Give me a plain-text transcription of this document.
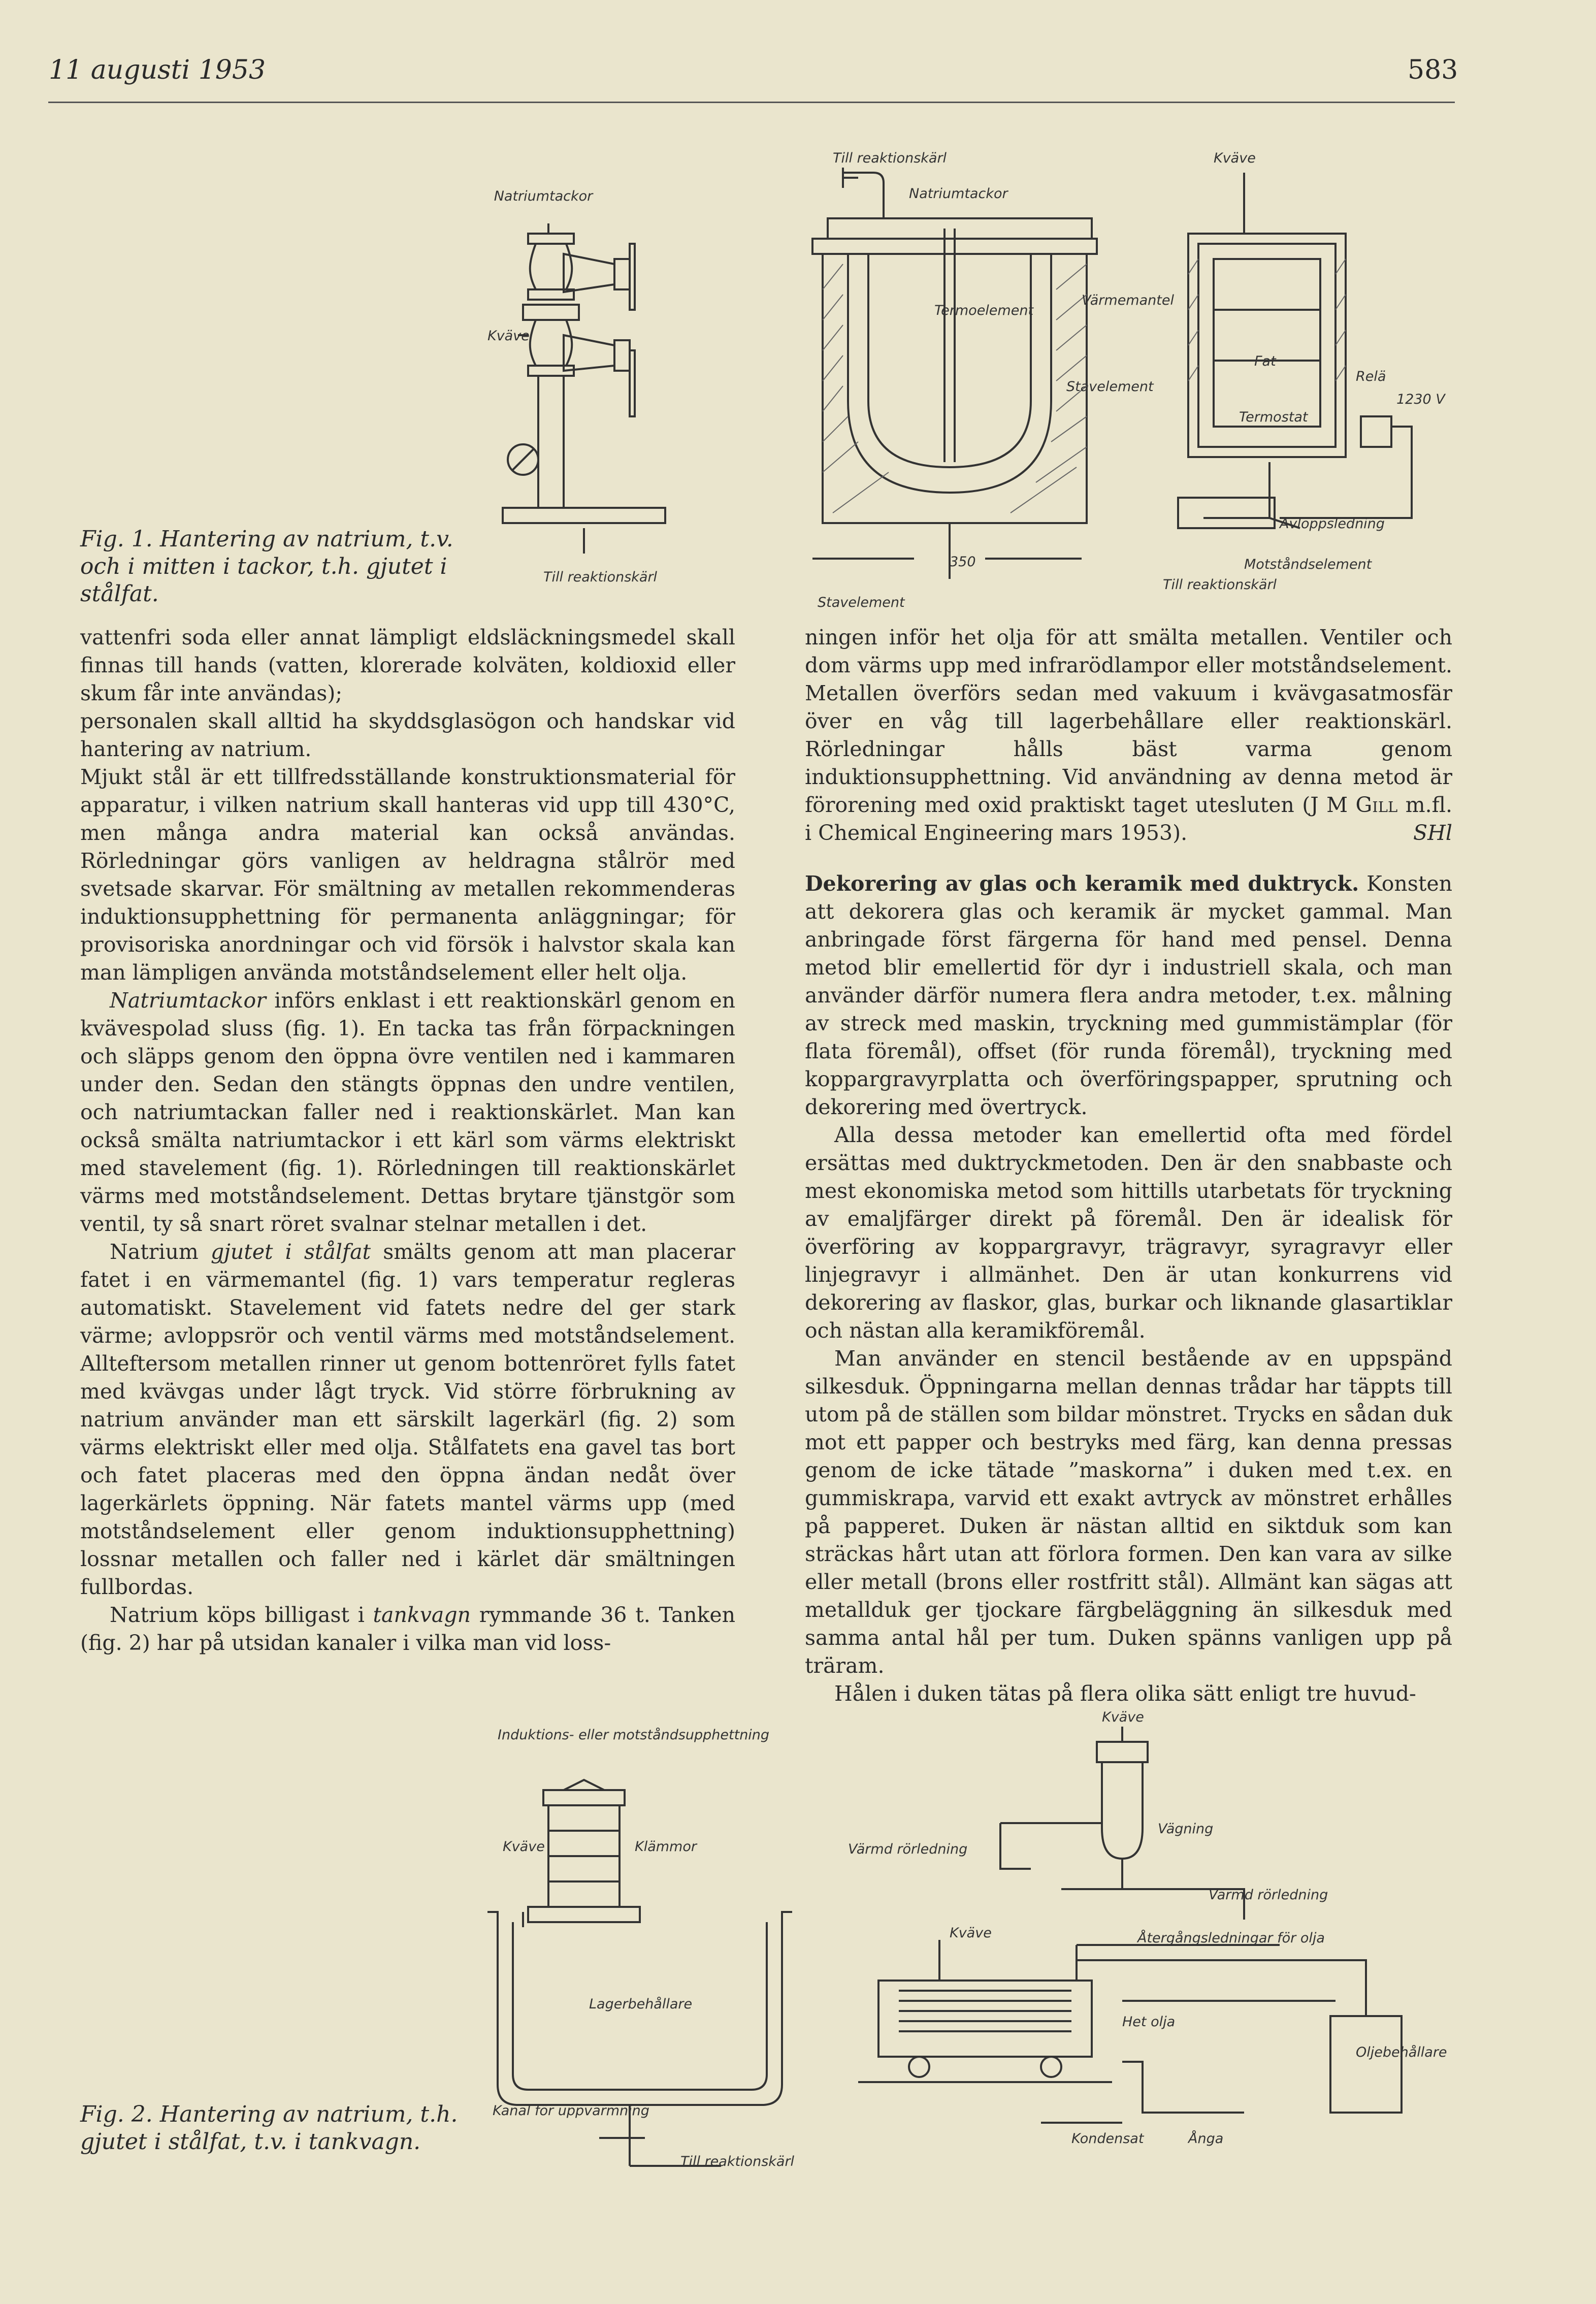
11 augusti 1953	583
Natriumtackor
Kväve
Till reaktionskärl
Till reaktionskärl
Natriumtackor
Termoelement
350
Stavelement
Kväve
Värmemantel
Stavelement
Fat
Relä
1230 V
Termostat
Avloppsledning
Motståndselement
Till reaktionskärl
Fig. 1. Hantering av natrium, t.v. och i mitten i tackor, t.h. gjutet i stålfat.

vattenfri soda eller annat lämpligt eldsläckningsmedel skall finnas till hands (vatten, klorerade kolväten, koldioxid eller skum får inte användas);

personalen skall alltid ha skyddsglasögon och handskar vid hantering av natrium.

Mjukt stål är ett tillfredsställande konstruktionsmaterial för apparatur, i vilken natrium skall hanteras vid upp till 430°C, men många andra material kan också användas. Rörledningar görs vanligen av heldragna stålrör med svetsade skarvar. För smältning av metallen rekommenderas induktionsupphettning för permanenta anläggningar; för provisoriska anordningar och vid försök i halvstor skala kan man lämpligen använda motståndselement eller helt olja.

Natriumtackor införs enklast i ett reaktionskärl genom en kvävespolad sluss (fig. 1). En tacka tas från förpackningen och släpps genom den öppna övre ventilen ned i kammaren under den. Sedan den stängts öppnas den undre ventilen, och natriumtackan faller ned i reaktionskärlet. Man kan också smälta natriumtackor i ett kärl som värms elektriskt med stavelement (fig. 1). Rörledningen till reaktionskärlet värms med motståndselement. Dettas brytare tjänstgör som ventil, ty så snart röret svalnar stelnar metallen i det.

Natrium gjutet i stålfat smälts genom att man placerar fatet i en värmemantel (fig. 1) vars temperatur regleras automatiskt. Stavelement vid fatets nedre del ger stark värme; avloppsrör och ventil värms med motståndselement. Allteftersom metallen rinner ut genom bottenröret fylls fatet med kvävgas under lågt tryck. Vid större förbrukning av natrium använder man ett särskilt lagerkärl (fig. 2) som värms elektriskt eller med olja. Stålfatets ena gavel tas bort och fatet placeras med den öppna ändan nedåt över lagerkärlets öppning. När fatets mantel värms upp (med motståndselement eller genom induktionsupphettning) lossnar metallen och faller ned i kärlet där smältningen fullbordas.

Natrium köps billigast i tankvagn rymmande 36 t. Tanken (fig. 2) har på utsidan kanaler i vilka man vid loss-

ningen inför het olja för att smälta metallen. Ventiler och dom värms upp med infrarödlampor eller motståndselement. Metallen överförs sedan med vakuum i kvävgasatmosfär över en våg till lagerbehållare eller reaktionskärl. Rörledningar hålls bäst varma genom induktionsupphettning. Vid användning av denna metod är förorening med oxid praktiskt taget utesluten (J M Gill m.fl. i Chemical Engineering mars 1953).	SHl

Dekorering av glas och keramik med duktryck. Konsten att dekorera glas och keramik är mycket gammal. Man anbringade först färgerna för hand med pensel. Denna metod blir emellertid för dyr i industriell skala, och man använder därför numera flera andra metoder, t.ex. målning av streck med maskin, tryckning med gummistämplar (för flata föremål), offset (för runda föremål), tryckning med koppargravyrplatta och överföringspapper, sprutning och dekorering med övertryck.

Alla dessa metoder kan emellertid ofta med fördel ersättas med duktryckmetoden. Den är den snabbaste och mest ekonomiska metod som hittills utarbetats för tryckning av emaljfärger direkt på föremål. Den är idealisk för överföring av koppargravyr, trägravyr, syragravyr eller linjegravyr i allmänhet. Den är utan konkurrens vid dekorering av flaskor, glas, burkar och liknande glasartiklar och nästan alla keramikföremål.

Man använder en stencil bestående av en uppspänd silkesduk. Öppningarna mellan dennas trådar har täppts till utom på de ställen som bildar mönstret. Trycks en sådan duk mot ett papper och bestryks med färg, kan denna pressas genom de icke tätade ”maskorna” i duken med t.ex. en gummiskrapa, varvid ett exakt avtryck av mönstret erhålles på papperet. Duken är nästan alltid en siktduk som kan sträckas hårt utan att förlora formen. Den kan vara av silke eller metall (brons eller rostfritt stål). Allmänt kan sägas att metallduk ger tjockare färgbeläggning än silkesduk med samma antal hål per tum. Duken spänns vanligen upp på träram.

Hålen i duken tätas på flera olika sätt enligt tre huvud-

Induktions- eller motståndsupphettning
Kväve	Klämmor
Lagerbehållare
Kanal för uppvärmning
Till reaktionskärl
Kväve
Vägning
Värmd rörledning
Värmd rörledning
Kväve	Återgångsledningar för olja
Het olja
Oljebehållare
Kondensat	Ånga
Fig. 2. Hantering av natrium, t.h. gjutet i stålfat, t.v. i tankvagn.
